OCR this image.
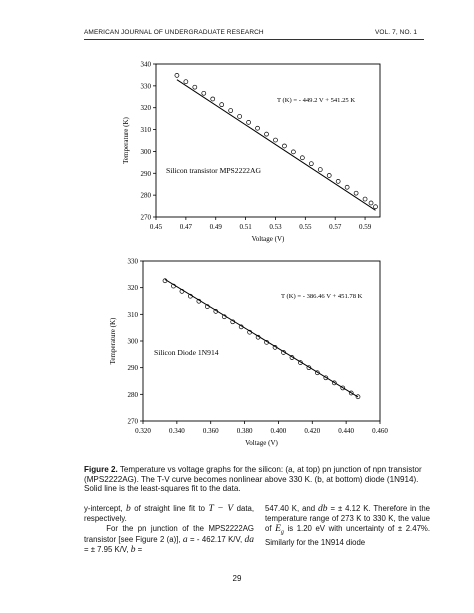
AMERICAN JOURNAL OF UNDERGRADUATE RESEARCH	VOL. 7, NO. 1
0.45	0.47	0.49	0.51	0.53	0.55	0.57	0.59
270
280
290
300
310
320
330
340
Voltage (V)
Temperature (K)
T (K) = - 449.2 V + 541.25 K
Silicon transistor MPS2222AG
0.320	0.340	0.360	0.380	0.400	0.420	0.440	0.460
270
280
290
300
310
320
330
Voltage (V)
Temperature (K)
T (K) = - 386.46 V + 451.78 K
Silicon Diode 1N914
Figure 2. Temperature vs voltage graphs for the silicon: (a, at top) pn junction of npn transistor (MPS2222AG). The T-V curve becomes nonlinear above 330 K. (b, at bottom) diode (1N914). Solid line is the least-squares fit to the data.

y-intercept, b of straight line fit to T − V data, respectively.
For the pn junction of the MPS2222AG transistor [see Figure 2 (a)], a = - 462.17 K/V, da = ± 7.95 K/V, b =

547.40 K, and db = ± 4.12 K. Therefore in the temperature range of 273 K to 330 K, the value of $E_g$ is 1.20 eV with uncertainty of ± 2.47%. Similarly for the 1N914 diode

29
